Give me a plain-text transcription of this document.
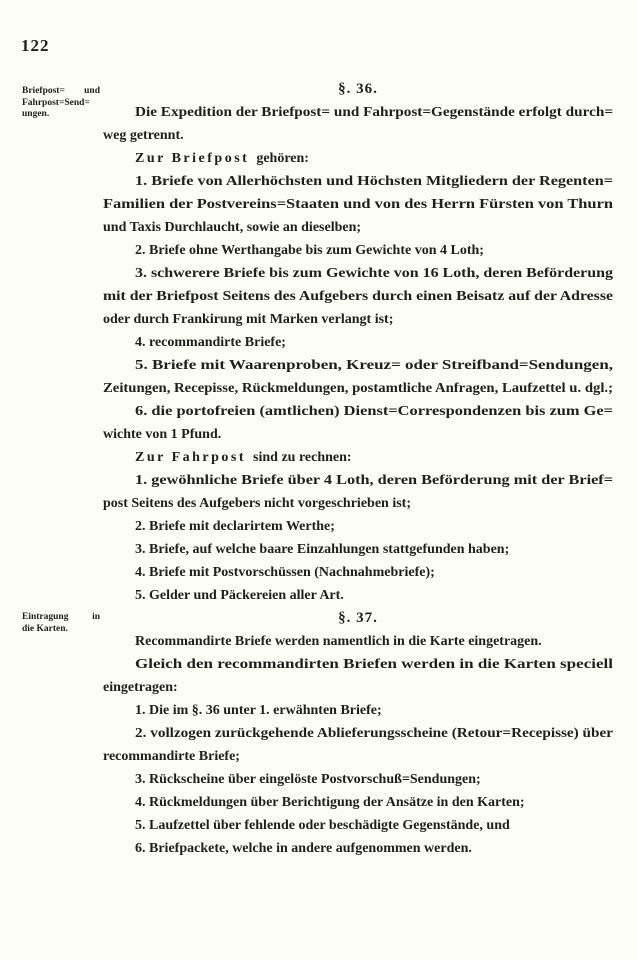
122
Briefpost= und
Fahrpost=Send=
ungen.
Eintragung in
die Karten.
§. 36.
Die Expedition der Briefpost= und Fahrpost=Gegenstände erfolgt durch=
weg getrennt.
Zur Briefpost gehören:
1. Briefe von Allerhöchsten und Höchsten Mitgliedern der Regenten=
Familien der Postvereins=Staaten und von des Herrn Fürsten von Thurn
und Taxis Durchlaucht, sowie an dieselben;
2. Briefe ohne Werthangabe bis zum Gewichte von 4 Loth;
3. schwerere Briefe bis zum Gewichte von 16 Loth, deren Beförderung
mit der Briefpost Seitens des Aufgebers durch einen Beisatz auf der Adresse
oder durch Frankirung mit Marken verlangt ist;
4. recommandirte Briefe;
5. Briefe mit Waarenproben, Kreuz= oder Streifband=Sendungen,
Zeitungen, Recepisse, Rückmeldungen, postamtliche Anfragen, Laufzettel u. dgl.;
6. die portofreien (amtlichen) Dienst=Correspondenzen bis zum Ge=
wichte von 1 Pfund.
Zur Fahrpost sind zu rechnen:
1. gewöhnliche Briefe über 4 Loth, deren Beförderung mit der Brief=
post Seitens des Aufgebers nicht vorgeschrieben ist;
2. Briefe mit declarirtem Werthe;
3. Briefe, auf welche baare Einzahlungen stattgefunden haben;
4. Briefe mit Postvorschüssen (Nachnahmebriefe);
5. Gelder und Päckereien aller Art.
§. 37.
Recommandirte Briefe werden namentlich in die Karte eingetragen.
Gleich den recommandirten Briefen werden in die Karten speciell
eingetragen:
1. Die im §. 36 unter 1. erwähnten Briefe;
2. vollzogen zurückgehende Ablieferungsscheine (Retour=Recepisse) über
recommandirte Briefe;
3. Rückscheine über eingelöste Postvorschuß=Sendungen;
4. Rückmeldungen über Berichtigung der Ansätze in den Karten;
5. Laufzettel über fehlende oder beschädigte Gegenstände, und
6. Briefpackete, welche in andere aufgenommen werden.
